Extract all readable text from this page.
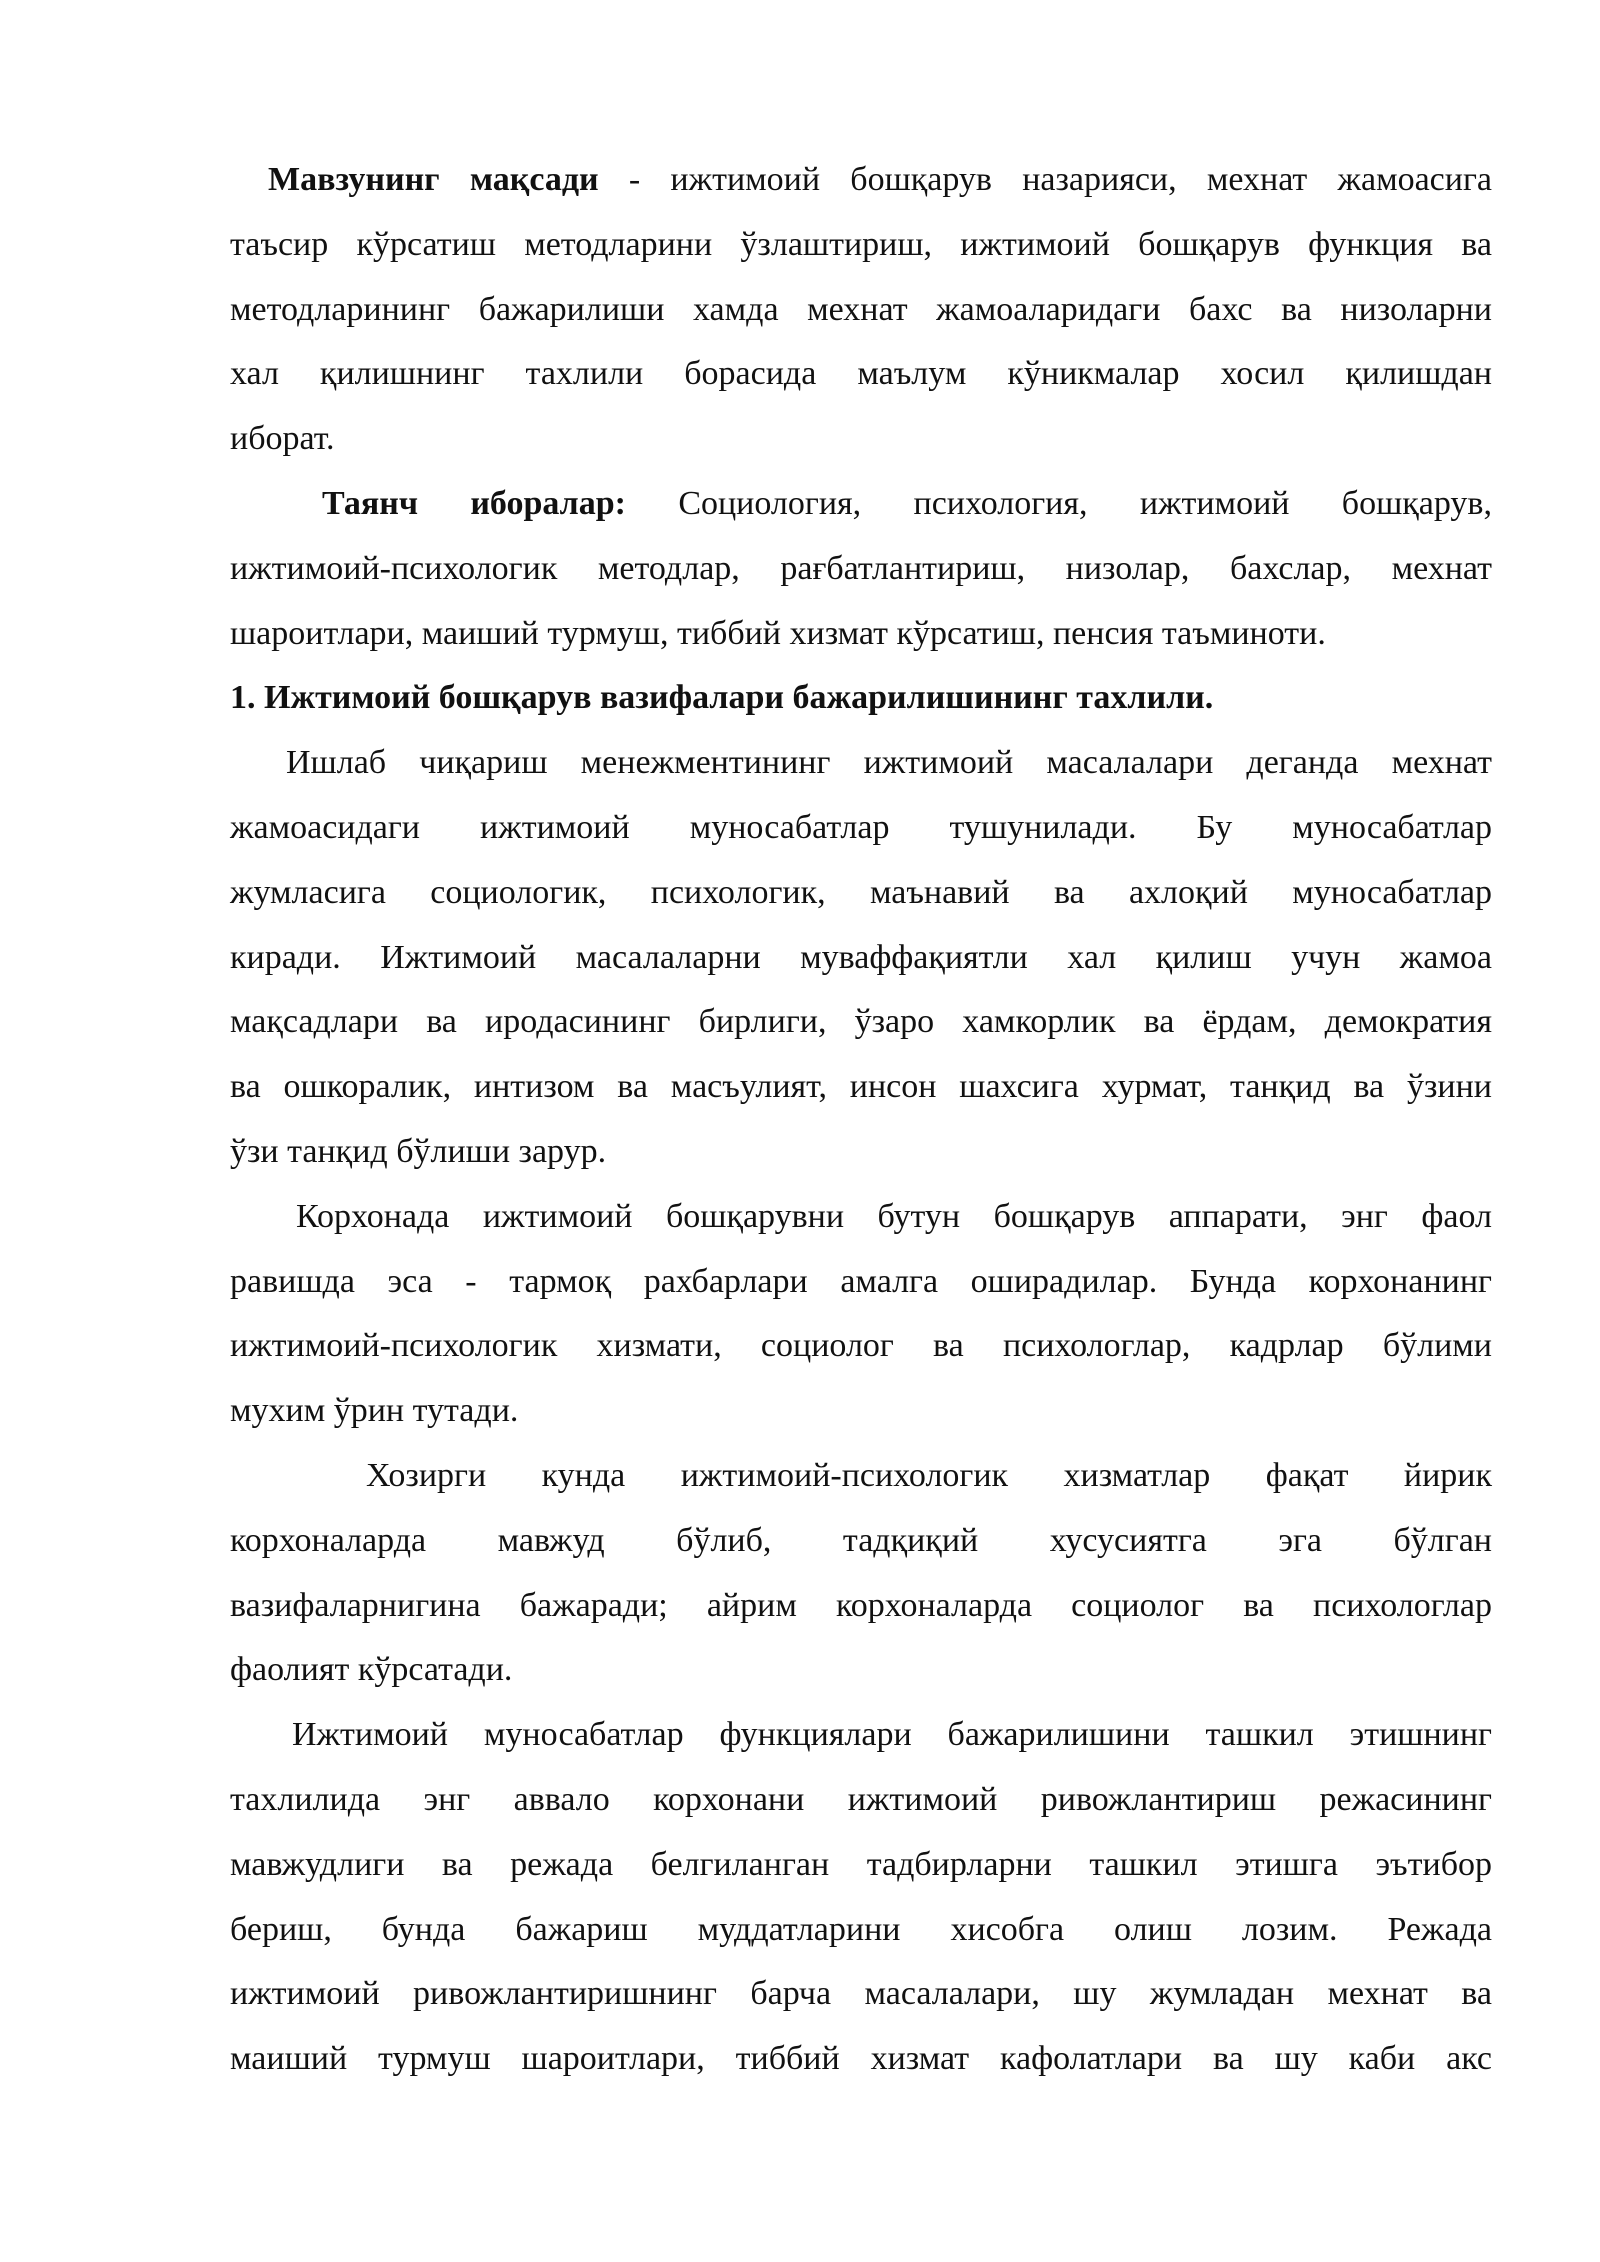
Мавзунинг мақсади - ижтимоий бошқарув назарияси, мехнат жамоасига
таъсир кўрсатиш методларини ўзлаштириш, ижтимоий бошқарув функция ва
методларининг бажарилиши хамда мехнат жамоаларидаги бахс ва низоларни
хал қилишнинг тахлили борасида маълум кўникмалар хосил қилишдан
иборат.
Таянч иборалар: Социология, психология, ижтимоий бошқарув,
ижтимоий-психологик методлар, рағбатлантириш, низолар, бахслар, мехнат
шароитлари, маиший турмуш, тиббий хизмат кўрсатиш, пенсия таъминоти.
1. Ижтимоий бошқарув вазифалари бажарилишининг тахлили.
Ишлаб чиқариш менежментининг ижтимоий масалалари деганда мехнат
жамоасидаги ижтимоий муносабатлар тушунилади. Бу муносабатлар
жумласига социологик, психологик, маънавий ва ахлоқий муносабатлар
киради. Ижтимоий масалаларни муваффақиятли хал қилиш учун жамоа
мақсадлари ва иродасининг бирлиги, ўзаро хамкорлик ва ёрдам, демократия
ва ошкоралик, интизом ва масъулият, инсон шахсига хурмат, танқид ва ўзини
ўзи танқид бўлиши зарур.
Корхонада ижтимоий бошқарувни бутун бошқарув аппарати, энг фаол
равишда эса - тармоқ рахбарлари амалга оширадилар. Бунда корхонанинг
ижтимоий-психологик хизмати, социолог ва психологлар, кадрлар бўлими
мухим ўрин тутади.
Хозирги кунда ижтимоий-психологик хизматлар фақат йирик
корхоналарда мавжуд бўлиб, тадқиқий хусусиятга эга бўлган
вазифаларнигина бажаради; айрим корхоналарда социолог ва психологлар
фаолият кўрсатади.
Ижтимоий муносабатлар функциялари бажарилишини ташкил этишнинг
тахлилида энг аввало корхонани ижтимоий ривожлантириш режасининг
мавжудлиги ва режада белгиланган тадбирларни ташкил этишга эътибор
бериш, бунда бажариш муддатларини хисобга олиш лозим. Режада
ижтимоий ривожлантиришнинг барча масалалари, шу жумладан мехнат ва
маиший турмуш шароитлари, тиббий хизмат кафолатлари ва шу каби акс
